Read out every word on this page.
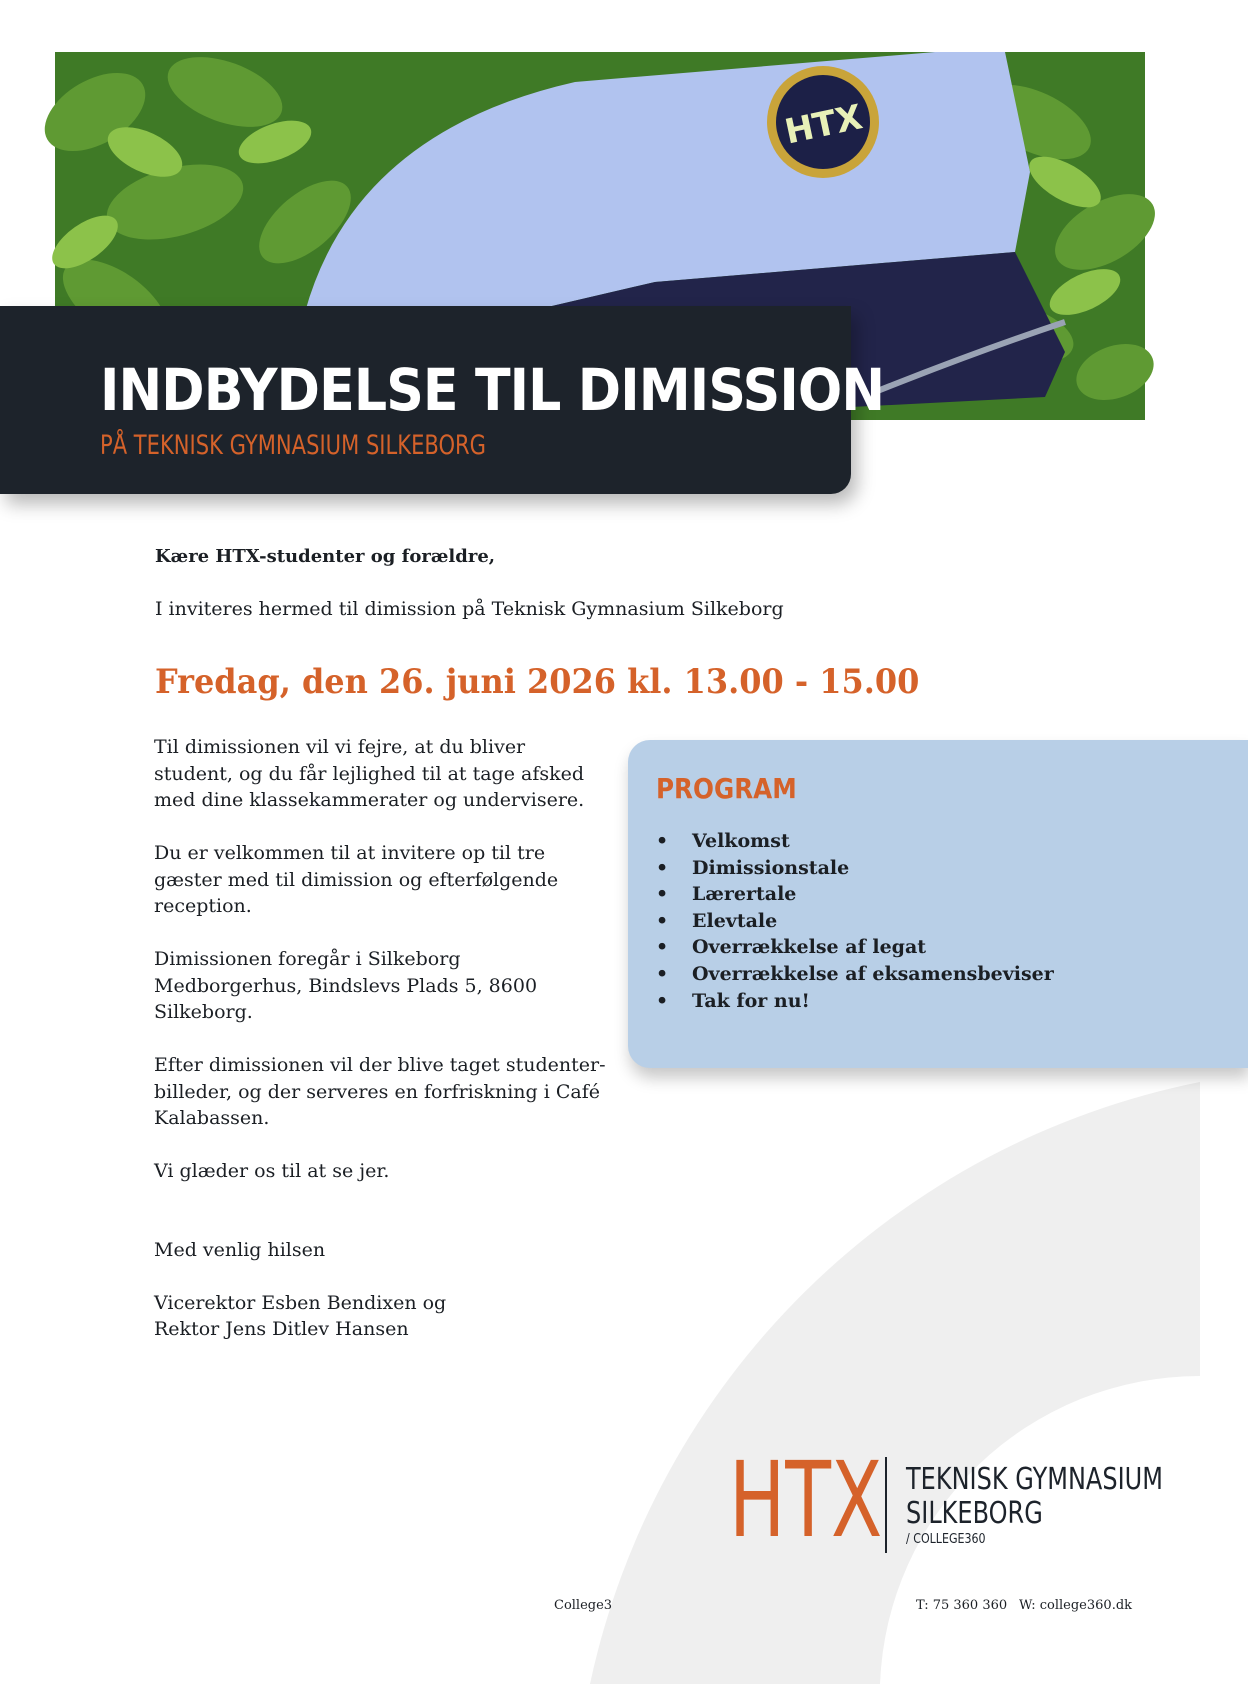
HTX
INDBYDELSE TIL DIMISSION
PÅ TEKNISK GYMNASIUM SILKEBORG
Kære HTX-studenter og forældre,
I inviteres hermed til dimission på Teknisk Gymnasium Silkeborg
Fredag, den 26. juni 2026 kl. 13.00 - 15.00

Til dimissionen vil vi fejre, at du bliver student, og du får lejlighed til at tage afsked med dine klassekammerater og undervisere.

Du er velkommen til at invitere op til tre gæster med til dimission og efterfølgende reception.

Dimissionen foregår i Silkeborg Medborgerhus, Bindslevs Plads 5, 8600 Silkeborg.

Efter dimissionen vil der blive taget studenter-billeder, og der serveres en forfriskning i Café Kalabassen.

Vi glæder os til at se jer.

Med venlig hilsen

Vicerektor Esben Bendixen og
Rektor Jens Ditlev Hansen
PROGRAM
• Velkomst
• Dimissionstale
• Lærertale
• Elevtale
• Overrækkelse af legat
• Overrækkelse af eksamensbeviser
• Tak for nu!
HTX TEKNISK GYMNASIUM
SILKEBORG
/ COLLEGE360
College3	T: 75 360 360 W: college360.dk
